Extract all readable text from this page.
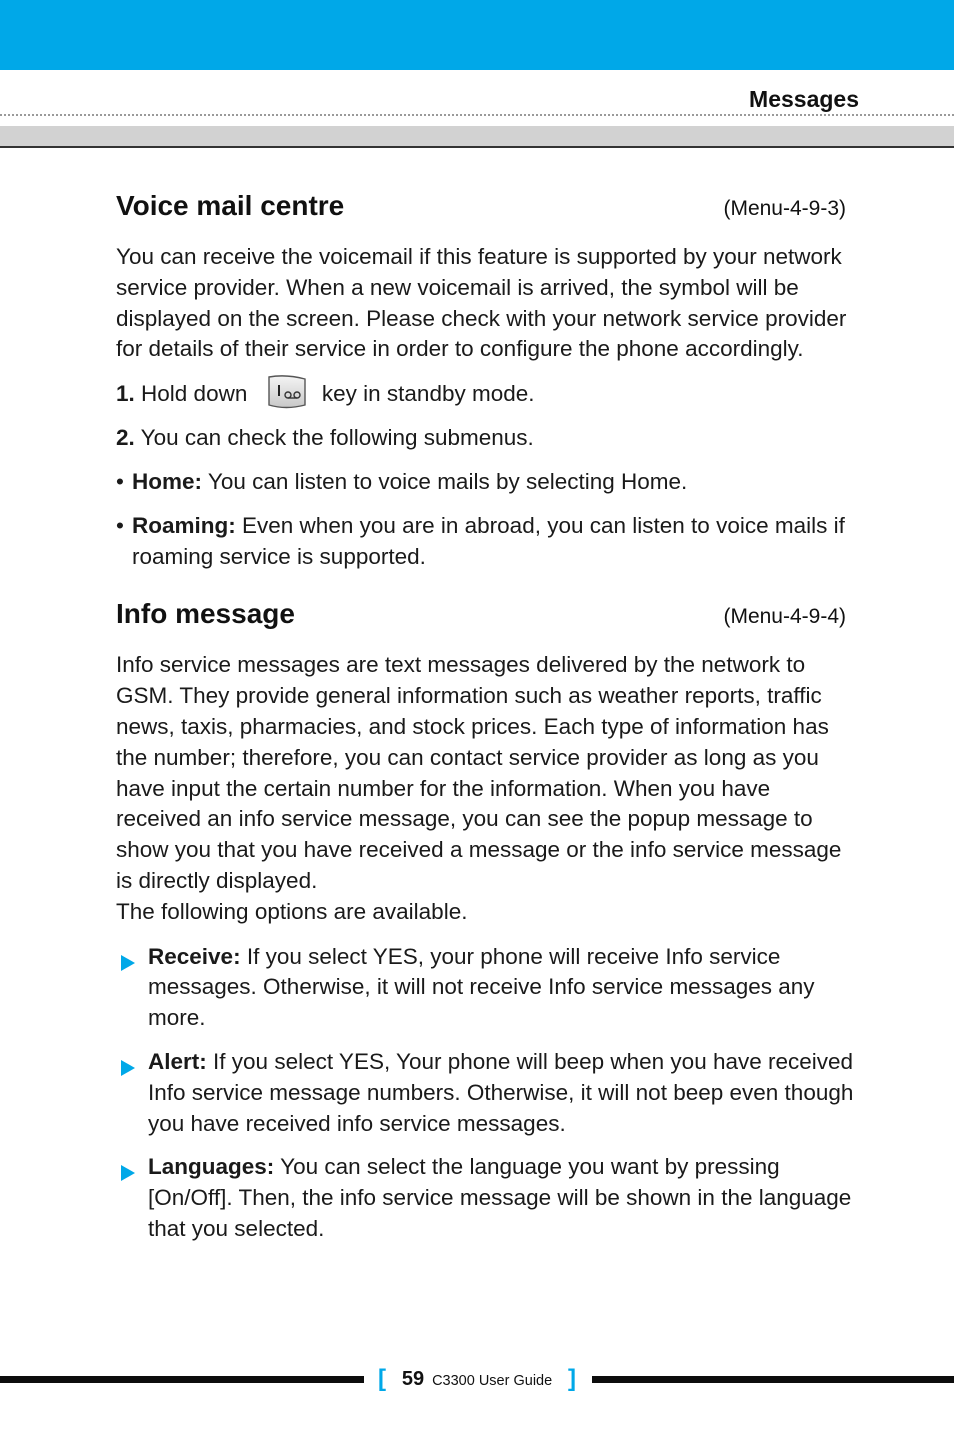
Messages
Voice mail centre	(Menu-4-9-3)

You can receive the voicemail if this feature is supported by your network service provider. When a new voicemail is arrived, the symbol will be displayed on the screen. Please check with your network service provider for details of their service in order to configure the phone accordingly.

1. Hold down	key in standby mode.
2. You can check the following submenus.
• Home: You can listen to voice mails by selecting Home.
• Roaming: Even when you are in abroad, you can listen to voice mails if roaming service is supported.
Info message	(Menu-4-9-4)

Info service messages are text messages delivered by the network to GSM. They provide general information such as weather reports, traffic news, taxis, pharmacies, and stock prices. Each type of information has the number; therefore, you can contact service provider as long as you have input the certain number for the information. When you have received an info service message, you can see the popup message to show you that you have received a message or the info service message is directly displayed.

The following options are available.

Receive: If you select YES, your phone will receive Info service messages. Otherwise, it will not receive Info service messages any more.
Alert: If you select YES, Your phone will beep when you have received Info service message numbers. Otherwise, it will not beep even though you have received info service messages.
Languages: You can select the language you want by pressing [On/Off]. Then, the info service message will be shown in the language that you selected.
[ 59 C3300 User Guide ]
